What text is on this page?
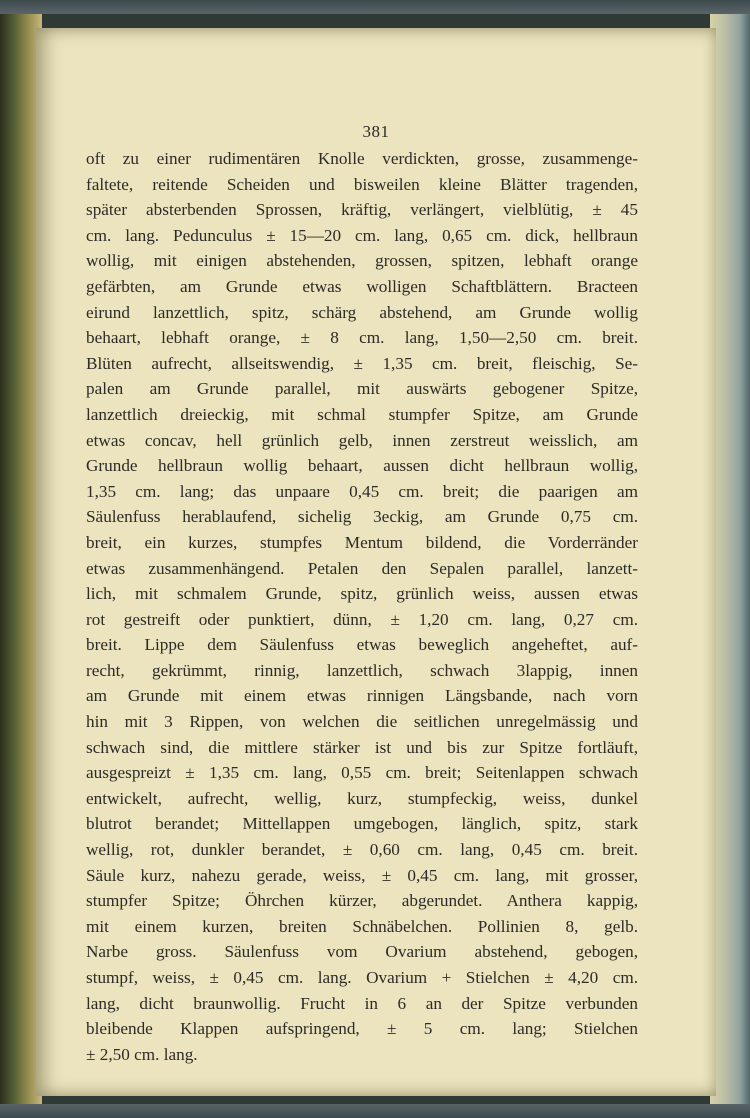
381
oft zu einer rudimentären Knolle verdickten, grosse, zusammenge-
faltete, reitende Scheiden und bisweilen kleine Blätter tragenden,
später absterbenden Sprossen, kräftig, verlängert, vielblütig, ± 45
cm. lang. Pedunculus ± 15—20 cm. lang, 0,65 cm. dick, hellbraun
wollig, mit einigen abstehenden, grossen, spitzen, lebhaft orange
gefärbten, am Grunde etwas wolligen Schaftblättern. Bracteen
eirund lanzettlich, spitz, schärg abstehend, am Grunde wollig
behaart, lebhaft orange, ± 8 cm. lang, 1,50—2,50 cm. breit.
Blüten aufrecht, allseitswendig, ± 1,35 cm. breit, fleischig, Se-
palen am Grunde parallel, mit auswärts gebogener Spitze,
lanzettlich dreieckig, mit schmal stumpfer Spitze, am Grunde
etwas concav, hell grünlich gelb, innen zerstreut weisslich, am
Grunde hellbraun wollig behaart, aussen dicht hellbraun wollig,
1,35 cm. lang; das unpaare 0,45 cm. breit; die paarigen am
Säulenfuss herablaufend, sichelig 3eckig, am Grunde 0,75 cm.
breit, ein kurzes, stumpfes Mentum bildend, die Vorderränder
etwas zusammenhängend. Petalen den Sepalen parallel, lanzett-
lich, mit schmalem Grunde, spitz, grünlich weiss, aussen etwas
rot gestreift oder punktiert, dünn, ± 1,20 cm. lang, 0,27 cm.
breit. Lippe dem Säulenfuss etwas beweglich angeheftet, auf-
recht, gekrümmt, rinnig, lanzettlich, schwach 3lappig, innen
am Grunde mit einem etwas rinnigen Längsbande, nach vorn
hin mit 3 Rippen, von welchen die seitlichen unregelmässig und
schwach sind, die mittlere stärker ist und bis zur Spitze fortläuft,
ausgespreizt ± 1,35 cm. lang, 0,55 cm. breit; Seitenlappen schwach
entwickelt, aufrecht, wellig, kurz, stumpfeckig, weiss, dunkel
blutrot berandet; Mittellappen umgebogen, länglich, spitz, stark
wellig, rot, dunkler berandet, ± 0,60 cm. lang, 0,45 cm. breit.
Säule kurz, nahezu gerade, weiss, ± 0,45 cm. lang, mit grosser,
stumpfer Spitze; Öhrchen kürzer, abgerundet. Anthera kappig,
mit einem kurzen, breiten Schnäbelchen. Pollinien 8, gelb.
Narbe gross. Säulenfuss vom Ovarium abstehend, gebogen,
stumpf, weiss, ± 0,45 cm. lang. Ovarium + Stielchen ± 4,20 cm.
lang, dicht braunwollig. Frucht in 6 an der Spitze verbunden
bleibende Klappen aufspringend, ± 5 cm. lang; Stielchen
± 2,50 cm. lang.
